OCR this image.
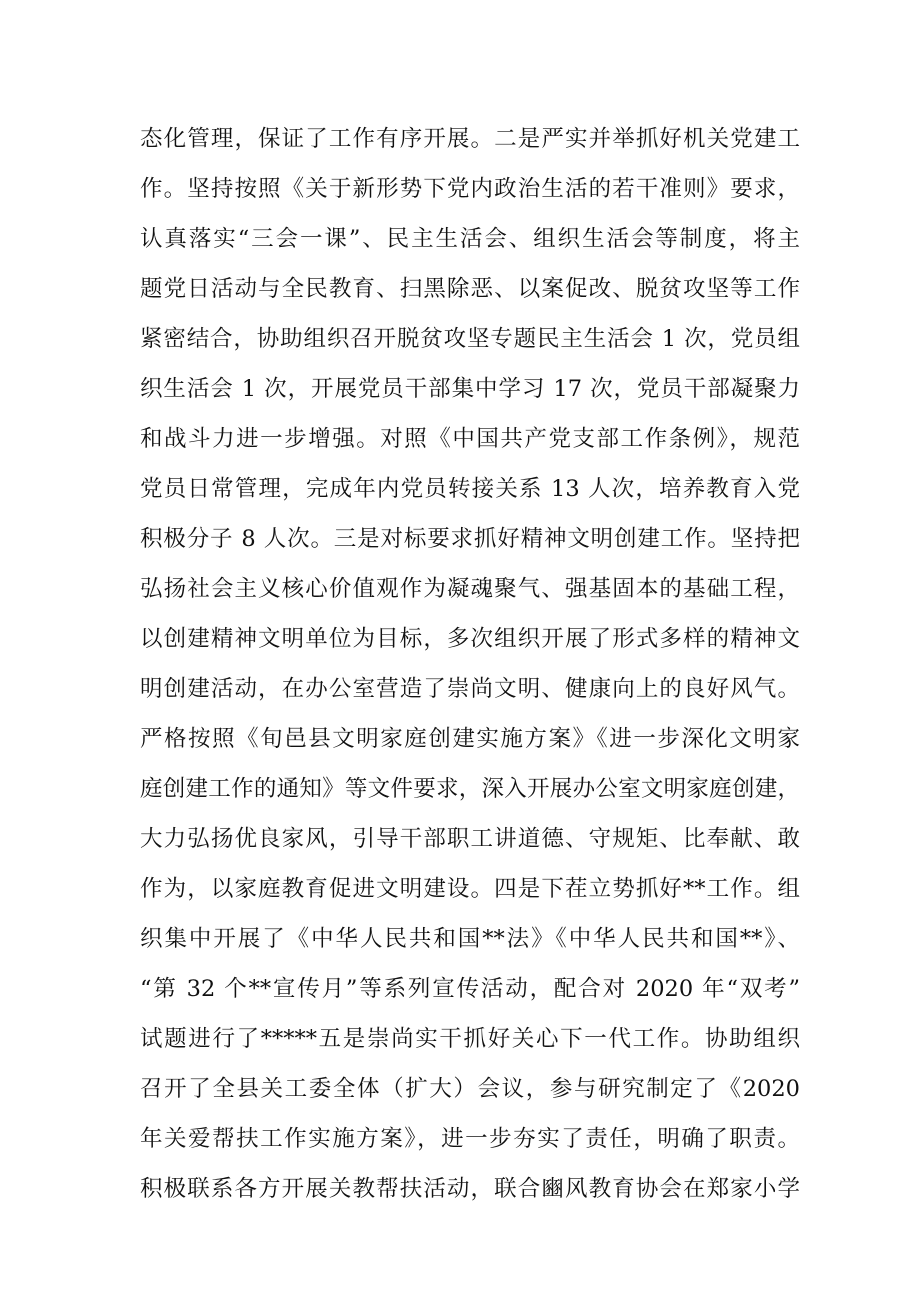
态化管理，保证了工作有序开展。二是严实并举抓好机关党建工
作。坚持按照《关于新形势下党内政治生活的若干准则》要求，
认真落实“三会一课”、民主生活会、组织生活会等制度，将主
题党日活动与全民教育、扫黑除恶、以案促改、脱贫攻坚等工作
紧密结合，协助组织召开脱贫攻坚专题民主生活会 1 次，党员组
织生活会 1 次，开展党员干部集中学习 17 次，党员干部凝聚力
和战斗力进一步增强。对照《中国共产党支部工作条例》，规范
党员日常管理，完成年内党员转接关系 13 人次，培养教育入党
积极分子 8 人次。三是对标要求抓好精神文明创建工作。坚持把
弘扬社会主义核心价值观作为凝魂聚气、强基固本的基础工程，
以创建精神文明单位为目标，多次组织开展了形式多样的精神文
明创建活动，在办公室营造了崇尚文明、健康向上的良好风气。
严格按照《旬邑县文明家庭创建实施方案》《进一步深化文明家
庭创建工作的通知》等文件要求，深入开展办公室文明家庭创建，
大力弘扬优良家风，引导干部职工讲道德、守规矩、比奉献、敢
作为，以家庭教育促进文明建设。四是下茬立势抓好**工作。组
织集中开展了《中华人民共和国**法》《中华人民共和国**》、
“第 32 个**宣传月”等系列宣传活动，配合对 2020 年“双考”
试题进行了*****五是崇尚实干抓好关心下一代工作。协助组织
召开了全县关工委全体（扩大）会议，参与研究制定了《2020
年关爱帮扶工作实施方案》，进一步夯实了责任，明确了职责。
积极联系各方开展关教帮扶活动，联合豳风教育协会在郑家小学
